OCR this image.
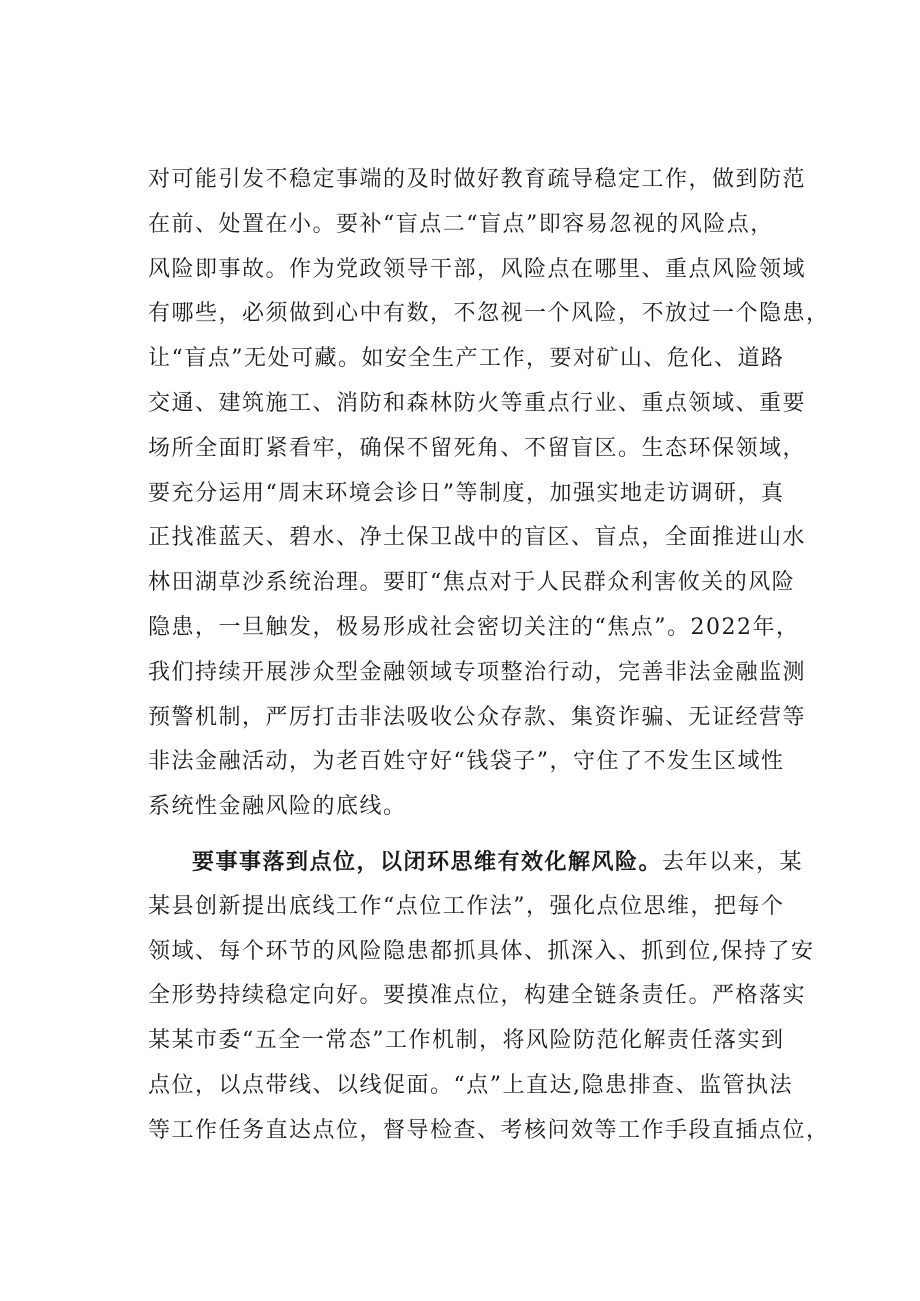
对可能引发不稳定事端的及时做好教育疏导稳定工作，做到防范
在前、处置在小。要补“盲点二“盲点”即容易忽视的风险点，
风险即事故。作为党政领导干部，风险点在哪里、重点风险领域
有哪些，必须做到心中有数，不忽视一个风险，不放过一个隐患，
让“盲点”无处可藏。如安全生产工作，要对矿山、危化、道路
交通、建筑施工、消防和森林防火等重点行业、重点领域、重要
场所全面盯紧看牢，确保不留死角、不留盲区。生态环保领域，
要充分运用“周末环境会诊日”等制度，加强实地走访调研，真
正找准蓝天、碧水、净土保卫战中的盲区、盲点，全面推进山水
林田湖草沙系统治理。要盯“焦点对于人民群众利害攸关的风险
隐患，一旦触发，极易形成社会密切关注的“焦点”。2022年，
我们持续开展涉众型金融领域专项整治行动，完善非法金融监测
预警机制，严厉打击非法吸收公众存款、集资诈骗、无证经营等
非法金融活动，为老百姓守好“钱袋子”，守住了不发生区域性
系统性金融风险的底线。
要事事落到点位，以闭环思维有效化解风险。去年以来，某
某县创新提出底线工作“点位工作法”，强化点位思维，把每个
领域、每个环节的风险隐患都抓具体、抓深入、抓到位,保持了安
全形势持续稳定向好。要摸准点位，构建全链条责任。严格落实
某某市委“五全一常态”工作机制，将风险防范化解责任落实到
点位，以点带线、以线促面。“点”上直达,隐患排查、监管执法
等工作任务直达点位，督导检查、考核问效等工作手段直插点位，
